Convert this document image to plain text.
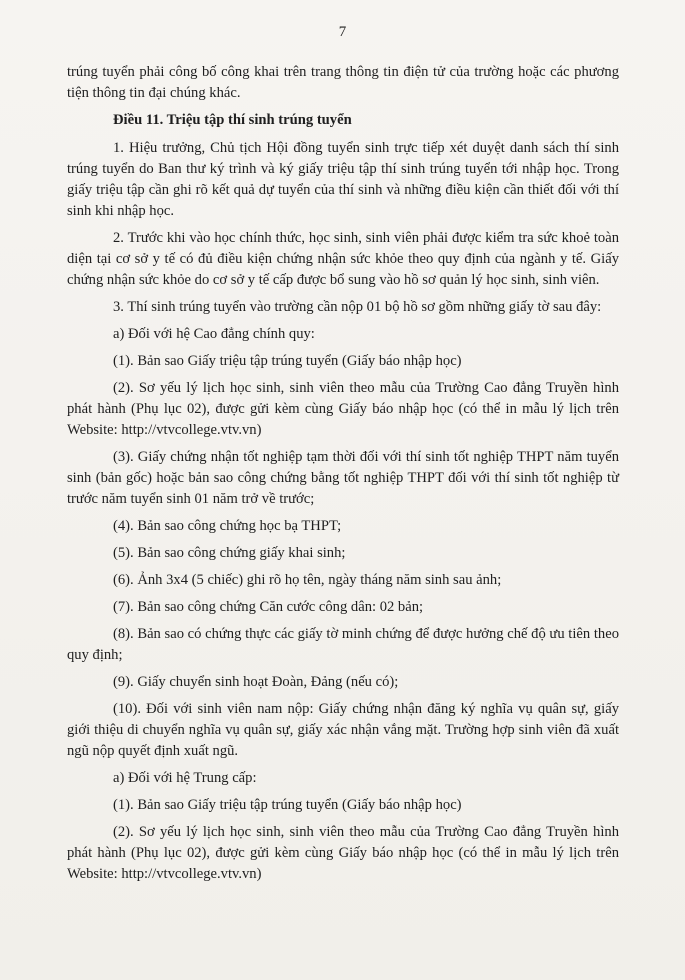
7

trúng tuyển phải công bố công khai trên trang thông tin điện tử của trường hoặc các phương tiện thông tin đại chúng khác.

Điều 11. Triệu tập thí sinh trúng tuyển

1. Hiệu trưởng, Chủ tịch Hội đồng tuyển sinh trực tiếp xét duyệt danh sách thí sinh trúng tuyển do Ban thư ký trình và ký giấy triệu tập thí sinh trúng tuyển tới nhập học. Trong giấy triệu tập cần ghi rõ kết quả dự tuyển của thí sinh và những điều kiện cần thiết đối với thí sinh khi nhập học.

2. Trước khi vào học chính thức, học sinh, sinh viên phải được kiểm tra sức khoẻ toàn diện tại cơ sở y tế có đủ điều kiện chứng nhận sức khỏe theo quy định của ngành y tế. Giấy chứng nhận sức khỏe do cơ sở y tế cấp được bổ sung vào hồ sơ quản lý học sinh, sinh viên.

3. Thí sinh trúng tuyển vào trường cần nộp 01 bộ hồ sơ gồm những giấy tờ sau đây:

a) Đối với hệ Cao đẳng chính quy:

(1). Bản sao Giấy triệu tập trúng tuyển (Giấy báo nhập học)

(2). Sơ yếu lý lịch học sinh, sinh viên theo mẫu của Trường Cao đẳng Truyền hình phát hành (Phụ lục 02), được gửi kèm cùng Giấy báo nhập học (có thể in mẫu lý lịch trên Website: http://vtvcollege.vtv.vn)

(3). Giấy chứng nhận tốt nghiệp tạm thời đối với thí sinh tốt nghiệp THPT năm tuyển sinh (bản gốc) hoặc bản sao công chứng bằng tốt nghiệp THPT đối với thí sinh tốt nghiệp từ trước năm tuyển sinh 01 năm trở về trước;

(4). Bản sao công chứng học bạ THPT;

(5). Bản sao công chứng giấy khai sinh;

(6). Ảnh 3x4 (5 chiếc) ghi rõ họ tên, ngày tháng năm sinh sau ảnh;

(7). Bản sao công chứng Căn cước công dân: 02 bản;

(8). Bản sao có chứng thực các giấy tờ minh chứng để được hưởng chế độ ưu tiên theo quy định;

(9). Giấy chuyển sinh hoạt Đoàn, Đảng (nếu có);

(10). Đối với sinh viên nam nộp: Giấy chứng nhận đăng ký nghĩa vụ quân sự, giấy giới thiệu di chuyển nghĩa vụ quân sự, giấy xác nhận vắng mặt. Trường hợp sinh viên đã xuất ngũ nộp quyết định xuất ngũ.

a) Đối với hệ Trung cấp:

(1). Bản sao Giấy triệu tập trúng tuyển (Giấy báo nhập học)

(2). Sơ yếu lý lịch học sinh, sinh viên theo mẫu của Trường Cao đẳng Truyền hình phát hành (Phụ lục 02), được gửi kèm cùng Giấy báo nhập học (có thể in mẫu lý lịch trên Website: http://vtvcollege.vtv.vn)
